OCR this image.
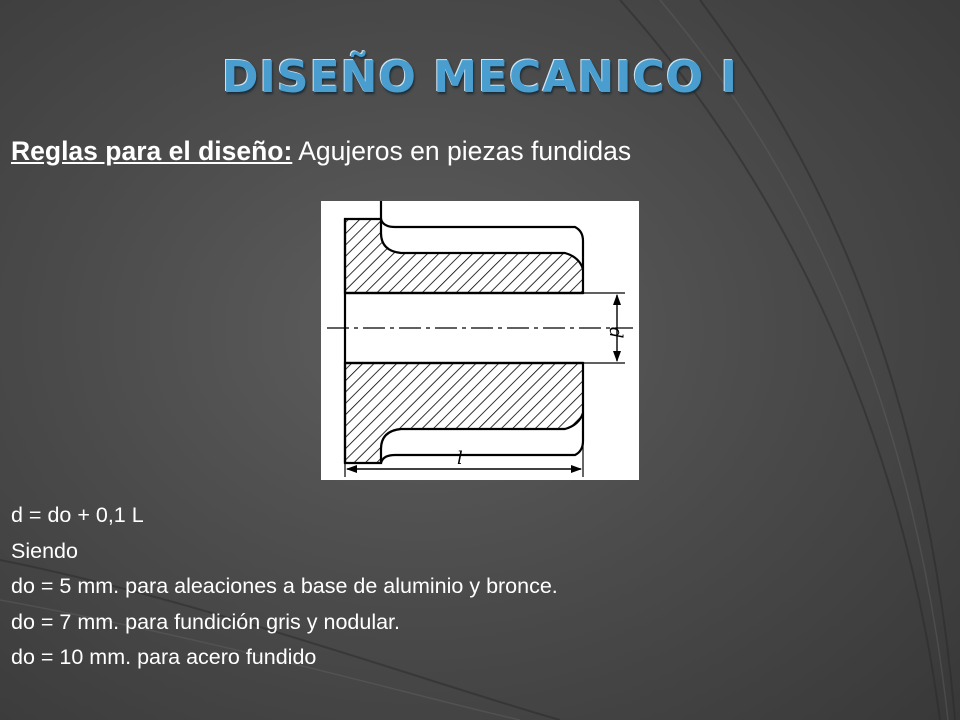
DISEÑO MECANICO I
Reglas para el diseño: Agujeros en piezas fundidas
d
l
d = do + 0,1 L
Siendo
do = 5 mm. para aleaciones a base de aluminio y bronce.
do = 7 mm. para fundición gris y nodular.
do = 10 mm. para acero fundido
